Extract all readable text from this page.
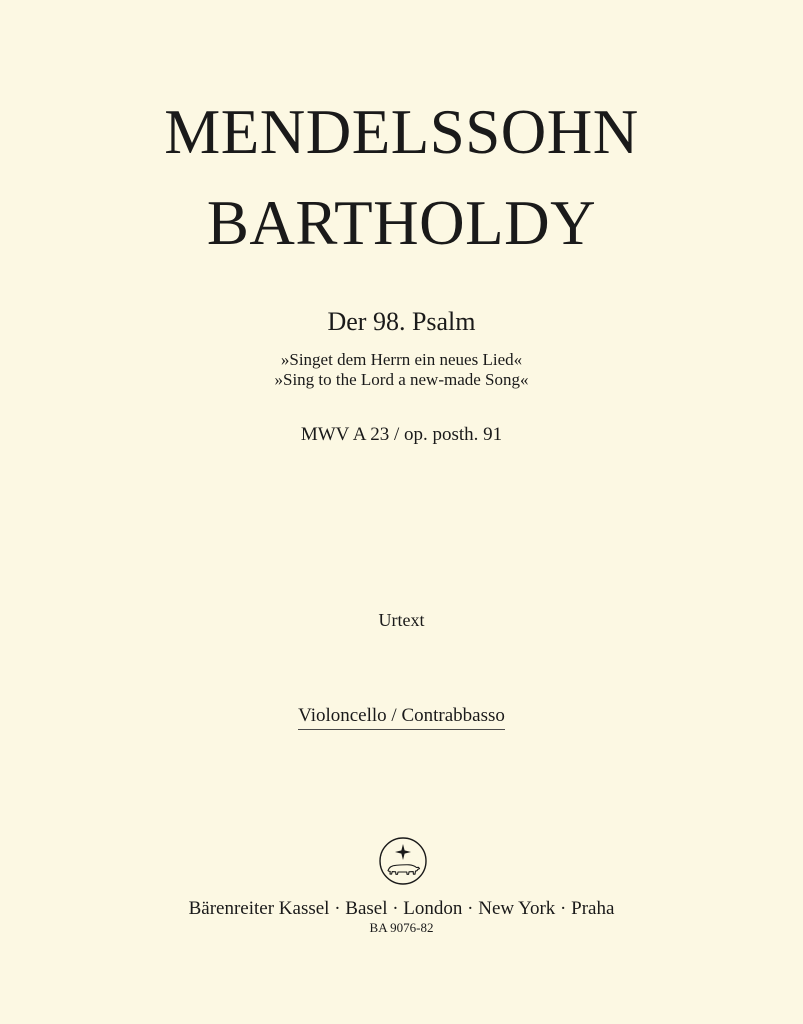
MENDELSSOHN
BARTHOLDY
Der 98. Psalm
»Singet dem Herrn ein neues Lied«
»Sing to the Lord a new-made Song«
MWV A 23 / op. posth. 91
Urtext
Violoncello / Contrabbasso
Bärenreiter Kassel · Basel · London · New York · Praha
BA 9076-82
